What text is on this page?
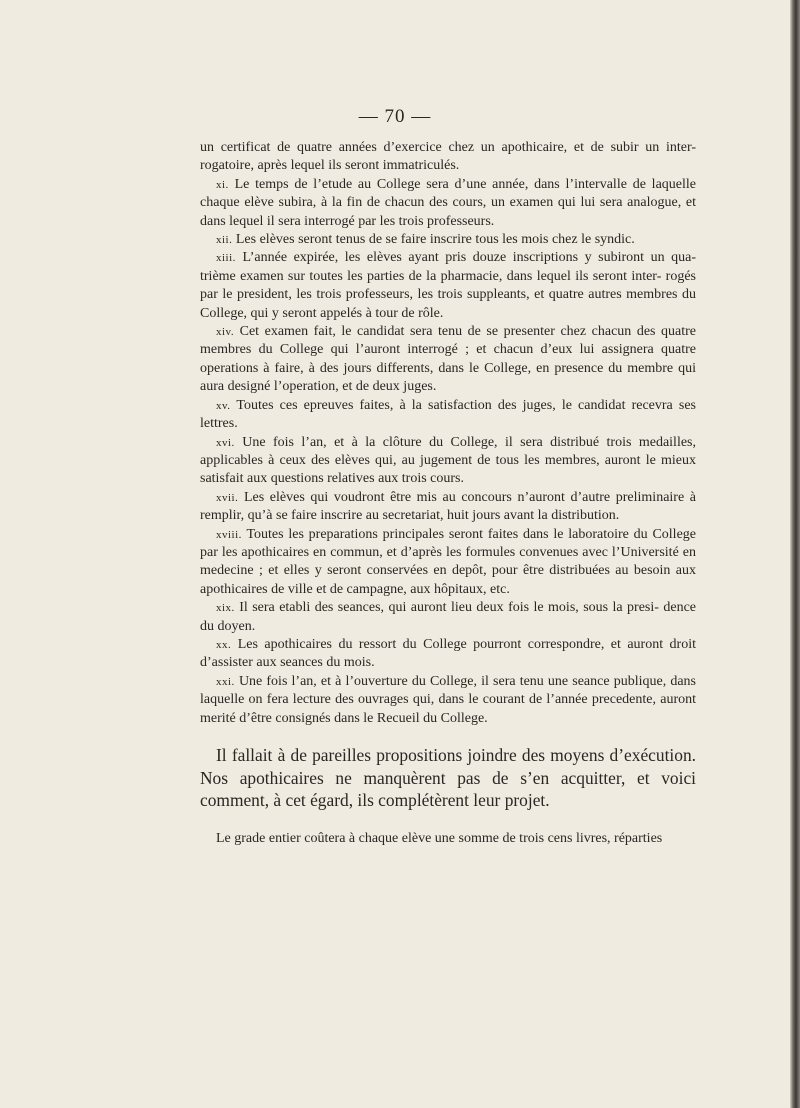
— 70 —

un certificat de quatre années d’exercice chez un apothicaire, et de subir un inter- rogatoire, après lequel ils seront immatriculés.

xi. Le temps de l’etude au College sera d’une année, dans l’intervalle de laquelle chaque elève subira, à la fin de chacun des cours, un examen qui lui sera analogue, et dans lequel il sera interrogé par les trois professeurs.

xii. Les elèves seront tenus de se faire inscrire tous les mois chez le syndic.

xiii. L’année expirée, les elèves ayant pris douze inscriptions y subiront un qua- trième examen sur toutes les parties de la pharmacie, dans lequel ils seront inter- rogés par le president, les trois professeurs, les trois suppleants, et quatre autres membres du College, qui y seront appelés à tour de rôle.

xiv. Cet examen fait, le candidat sera tenu de se presenter chez chacun des quatre membres du College qui l’auront interrogé ; et chacun d’eux lui assignera quatre operations à faire, à des jours differents, dans le College, en presence du membre qui aura designé l’operation, et de deux juges.

xv. Toutes ces epreuves faites, à la satisfaction des juges, le candidat recevra ses lettres.

xvi. Une fois l’an, et à la clôture du College, il sera distribué trois medailles, applicables à ceux des elèves qui, au jugement de tous les membres, auront le mieux satisfait aux questions relatives aux trois cours.

xvii. Les elèves qui voudront être mis au concours n’auront d’autre preliminaire à remplir, qu’à se faire inscrire au secretariat, huit jours avant la distribution.

xviii. Toutes les preparations principales seront faites dans le laboratoire du College par les apothicaires en commun, et d’après les formules convenues avec l’Université en medecine ; et elles y seront conservées en depôt, pour être distribuées au besoin aux apothicaires de ville et de campagne, aux hôpitaux, etc.

xix. Il sera etabli des seances, qui auront lieu deux fois le mois, sous la presi- dence du doyen.

xx. Les apothicaires du ressort du College pourront correspondre, et auront droit d’assister aux seances du mois.

xxi. Une fois l’an, et à l’ouverture du College, il sera tenu une seance publique, dans laquelle on fera lecture des ouvrages qui, dans le courant de l’année precedente, auront merité d’être consignés dans le Recueil du College.

Il fallait à de pareilles propositions joindre des moyens d’exécution. Nos apothicaires ne manquèrent pas de s’en acquitter, et voici comment, à cet égard, ils complétèrent leur projet.

Le grade entier coûtera à chaque elève une somme de trois cens livres, réparties
